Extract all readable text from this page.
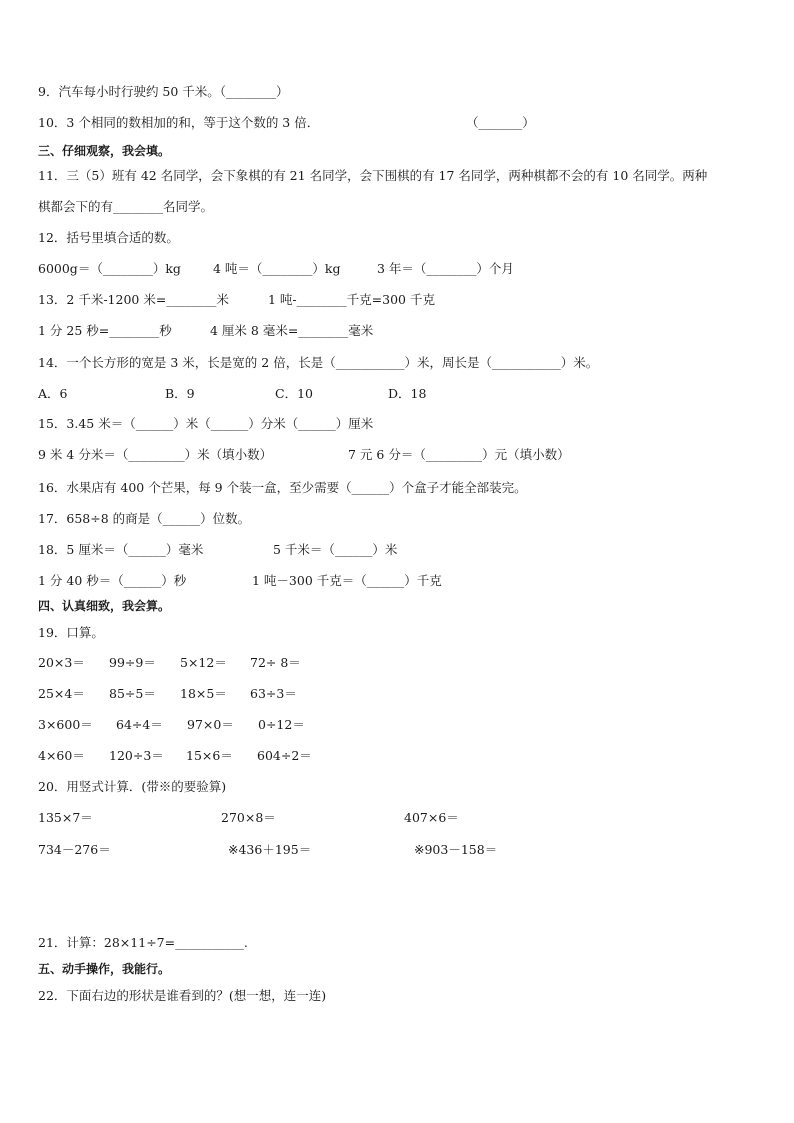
9．汽车每小时行驶约 50 千米。（________）
10．3 个相同的数相加的和，等于这个数的 3 倍．	（_______）
三、仔细观察，我会填。
11．三（5）班有 42 名同学，会下象棋的有 21 名同学，会下围棋的有 17 名同学，两种棋都不会的有 10 名同学。两种
棋都会下的有________名同学。
12．括号里填合适的数。
6000g＝（________）kg	4 吨＝（________）kg	3 年＝（________）个月
13．2 千米-1200 米=________米	1 吨-________千克=300 千克
1 分 25 秒=________秒	4 厘米 8 毫米=________毫米
14．一个长方形的宽是 3 米，长是宽的 2 倍，长是（___________）米，周长是（___________）米。
A．6	B．9	C．10	D．18
15．3.45 米＝（______）米（______）分米（______）厘米
9 米 4 分米＝（_________）米（填小数）	7 元 6 分＝（_________）元（填小数）
16．水果店有 400 个芒果，每 9 个装一盒，至少需要（______）个盒子才能全部装完。
17．658÷8 的商是（______）位数。
18．5 厘米＝（______）毫米	5 千米＝（______）米
1 分 40 秒＝（______）秒	1 吨－300 千克＝（______）千克
四、认真细致，我会算。
19．口算。
20×3＝ 99÷9＝ 5×12＝ 72÷ 8＝
25×4＝ 85÷5＝ 18×5＝ 63÷3＝
3×600＝ 64÷4＝ 97×0＝ 0÷12＝
4×60＝ 120÷3＝ 15×6＝ 604÷2＝
20．用竖式计算．(带※的要验算)
135×7＝	270×8＝	407×6＝
734－276＝	※436＋195＝	※903－158＝
21．计算：28×11÷7=___________.
五、动手操作，我能行。
22．下面右边的形状是谁看到的？(想一想，连一连)
